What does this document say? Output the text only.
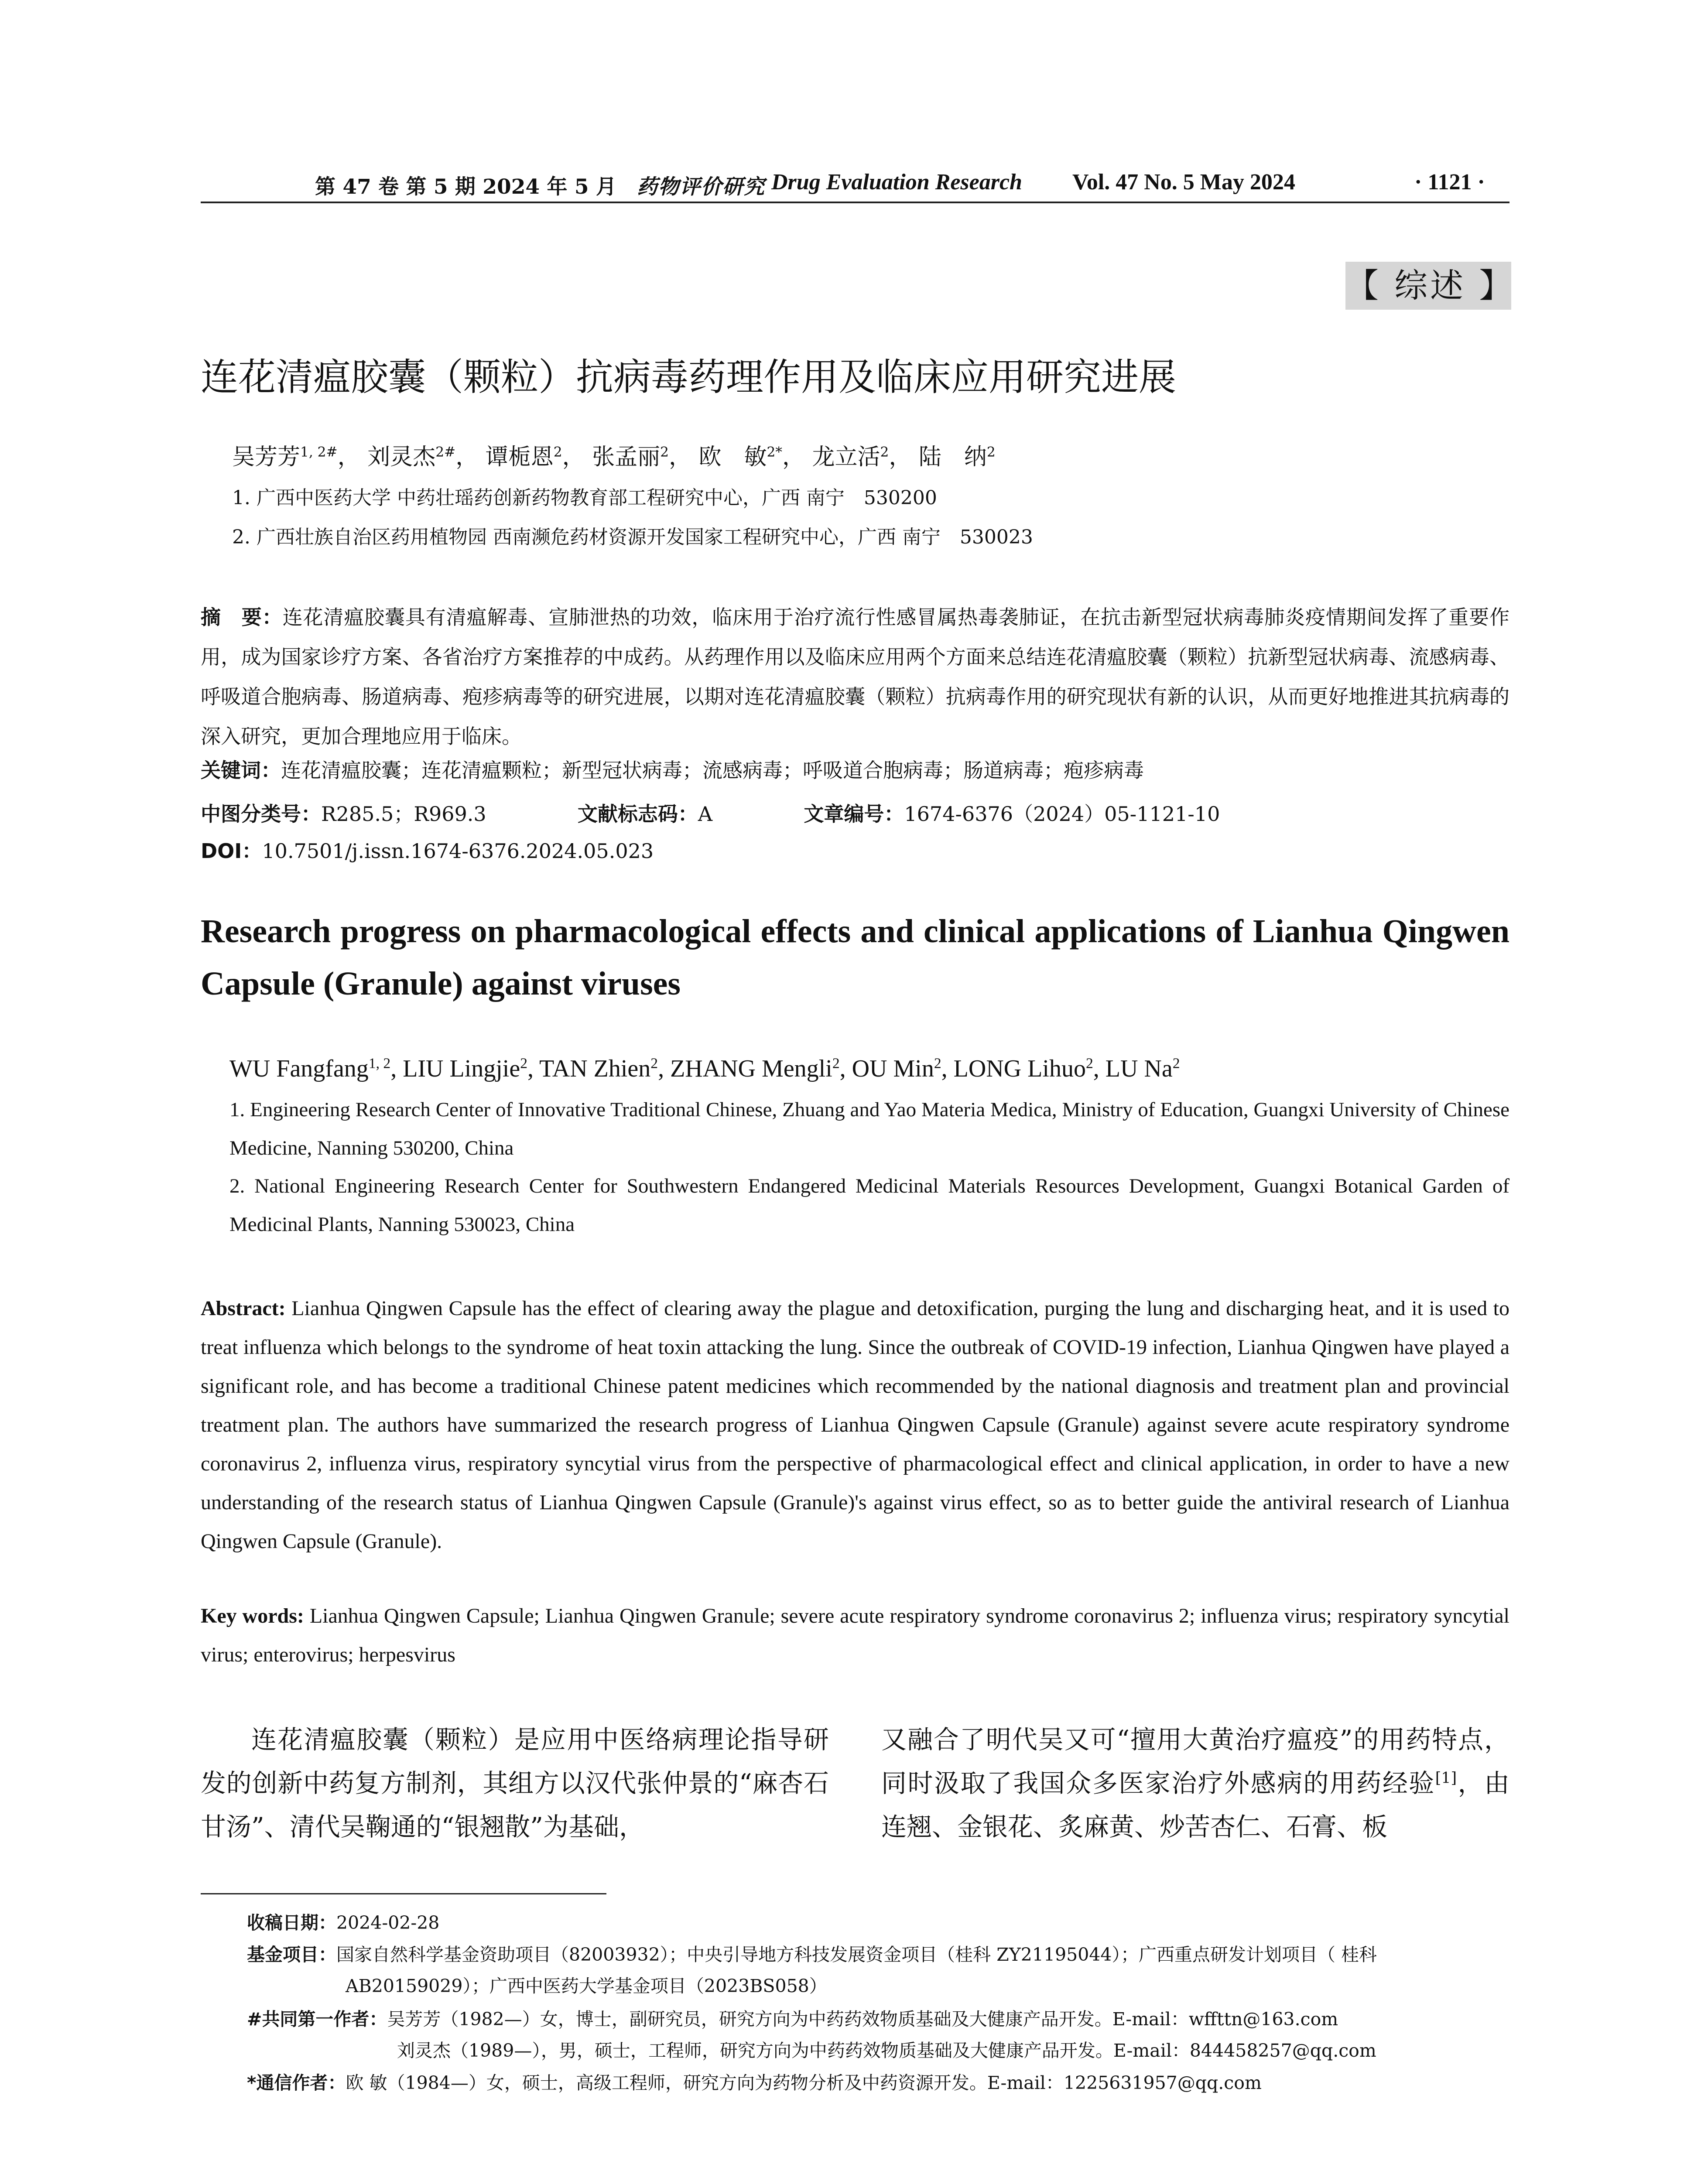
第 47 卷 第 5 期 2024 年 5 月 药物评价研究 Drug Evaluation Research Vol. 47 No. 5 May 2024	· 1121 ·
【 综述 】
连花清瘟胶囊（颗粒）抗病毒药理作用及临床应用研究进展
吴芳芳$^{1, 2\#}$， 刘灵杰$^{2\#}$， 谭栀恩$^2$， 张孟丽$^2$， 欧　敏$^{2*}$， 龙立活$^2$， 陆　纳$^2$
1. 广西中医药大学 中药壮瑶药创新药物教育部工程研究中心，广西 南宁　530200
2. 广西壮族自治区药用植物园 西南濒危药材资源开发国家工程研究中心，广西 南宁　530023
摘　要：连花清瘟胶囊具有清瘟解毒、宣肺泄热的功效，临床用于治疗流行性感冒属热毒袭肺证，在抗击新型冠状病毒肺炎疫情期间发挥了重要作用，成为国家诊疗方案、各省治疗方案推荐的中成药。从药理作用以及临床应用两个方面来总结连花清瘟胶囊（颗粒）抗新型冠状病毒、流感病毒、呼吸道合胞病毒、肠道病毒、疱疹病毒等的研究进展，以期对连花清瘟胶囊（颗粒）抗病毒作用的研究现状有新的认识，从而更好地推进其抗病毒的深入研究，更加合理地应用于临床。
关键词：连花清瘟胶囊；连花清瘟颗粒；新型冠状病毒；流感病毒；呼吸道合胞病毒；肠道病毒；疱疹病毒
中图分类号：R285.5；R969.3	文献标志码：A	文章编号：1674-6376（2024）05-1121-10
DOI：10.7501/j.issn.1674-6376.2024.05.023
Research progress on pharmacological effects and clinical applications of Lianhua Qingwen Capsule (Granule) against viruses
WU Fangfang$^{1, 2}$, LIU Lingjie$^2$, TAN Zhien$^2$, ZHANG Mengli$^2$, OU Min$^2$, LONG Lihuo$^2$, LU Na$^2$
1. Engineering Research Center of Innovative Traditional Chinese, Zhuang and Yao Materia Medica, Ministry of Education, Guangxi University of Chinese Medicine, Nanning 530200, China
2. National Engineering Research Center for Southwestern Endangered Medicinal Materials Resources Development, Guangxi Botanical Garden of Medicinal Plants, Nanning 530023, China
Abstract: Lianhua Qingwen Capsule has the effect of clearing away the plague and detoxification, purging the lung and discharging heat, and it is used to treat influenza which belongs to the syndrome of heat toxin attacking the lung. Since the outbreak of COVID-19 infection, Lianhua Qingwen have played a significant role, and has become a traditional Chinese patent medicines which recommended by the national diagnosis and treatment plan and provincial treatment plan. The authors have summarized the research progress of Lianhua Qingwen Capsule (Granule) against severe acute respiratory syndrome coronavirus 2, influenza virus, respiratory syncytial virus from the perspective of pharmacological effect and clinical application, in order to have a new understanding of the research status of Lianhua Qingwen Capsule (Granule)'s against virus effect, so as to better guide the antiviral research of Lianhua Qingwen Capsule (Granule).
Key words: Lianhua Qingwen Capsule; Lianhua Qingwen Granule; severe acute respiratory syndrome coronavirus 2; influenza virus; respiratory syncytial virus; enterovirus; herpesvirus
连花清瘟胶囊（颗粒）是应用中医络病理论指导研发的创新中药复方制剂，其组方以汉代张仲景的“麻杏石甘汤”、清代吴鞠通的“银翘散”为基础，
又融合了明代吴又可“擅用大黄治疗瘟疫”的用药特点，同时汲取了我国众多医家治疗外感病的用药经验[1]，由连翘、金银花、炙麻黄、炒苦杏仁、石膏、板
收稿日期：2024-02-28
基金项目：国家自然科学基金资助项目（82003932）；中央引导地方科技发展资金项目（桂科 ZY21195044）；广西重点研发计划项目（ 桂科
AB20159029）；广西中医药大学基金项目（2023BS058）
#共同第一作者：吴芳芳（1982—）女，博士，副研究员，研究方向为中药药效物质基础及大健康产品开发。E-mail：wffttn@163.com
刘灵杰（1989—），男，硕士，工程师，研究方向为中药药效物质基础及大健康产品开发。E-mail：844458257@qq.com
*通信作者：欧 敏（1984—）女，硕士，高级工程师，研究方向为药物分析及中药资源开发。E-mail：1225631957@qq.com
